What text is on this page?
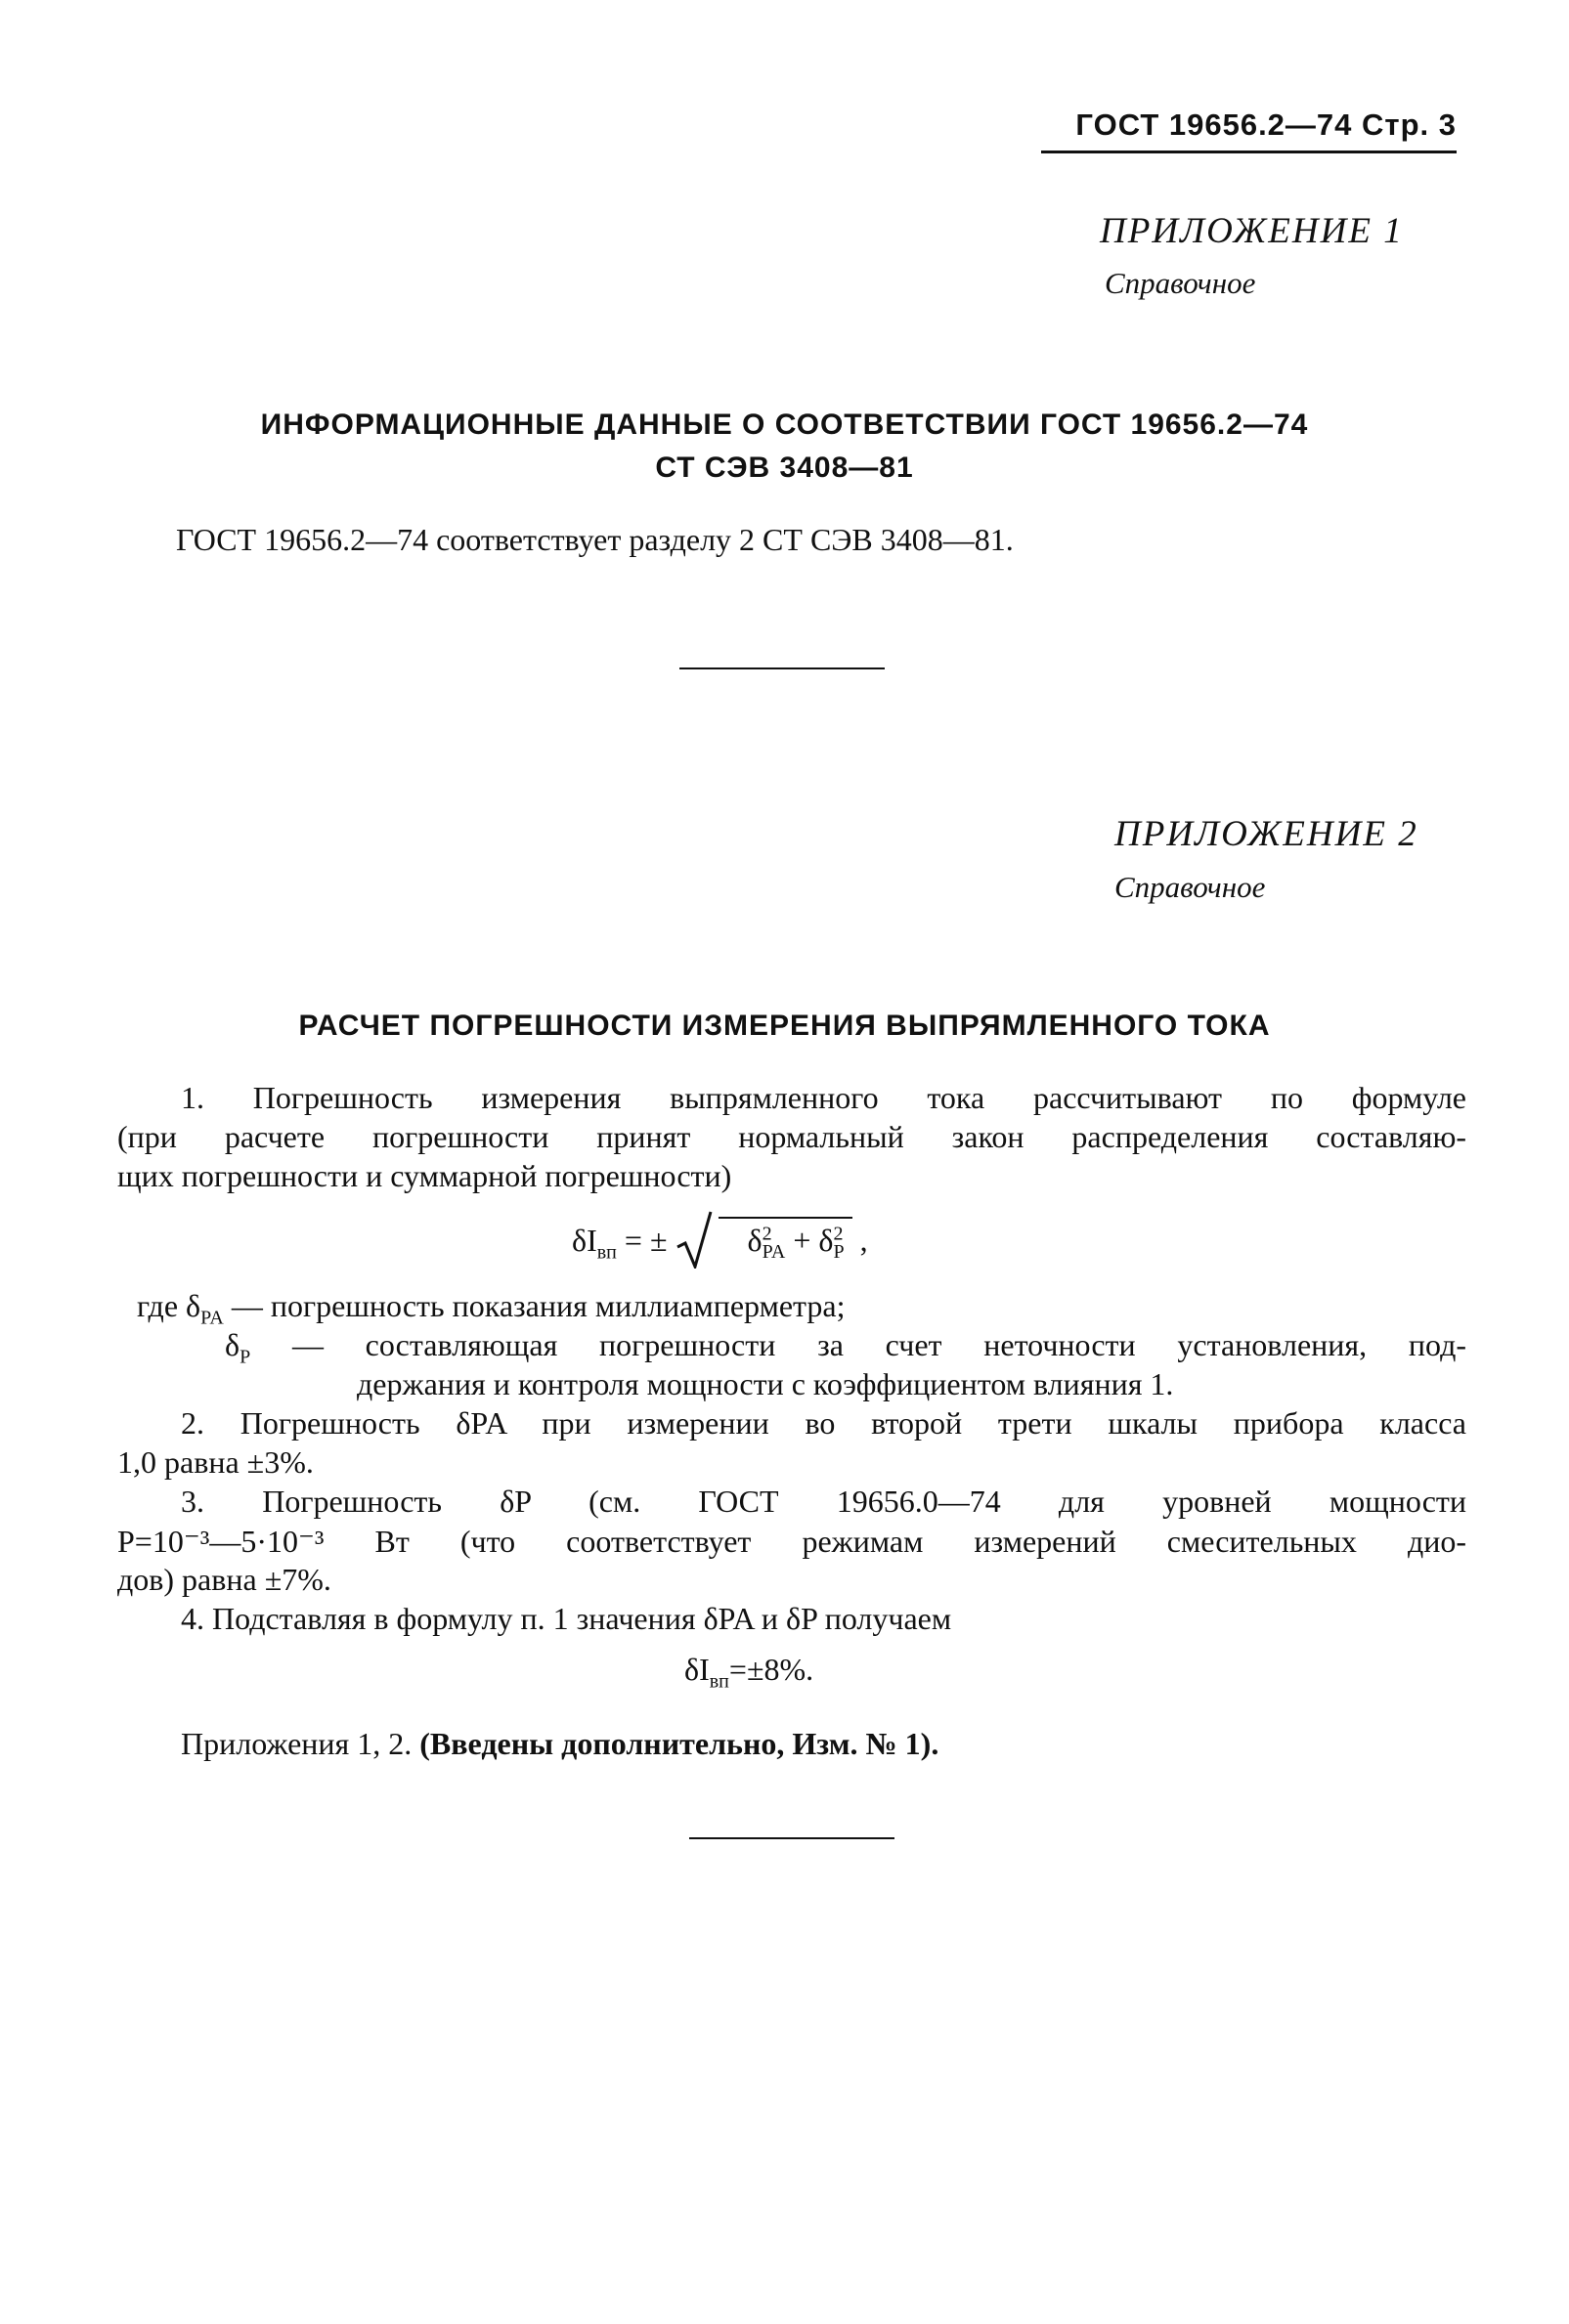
ГОСТ 19656.2—74 Стр. 3
ПРИЛОЖЕНИЕ 1
Справочное
ИНФОРМАЦИОННЫЕ ДАННЫЕ О СООТВЕТСТВИИ ГОСТ 19656.2—74
СТ СЭВ 3408—81
ГОСТ 19656.2—74 соответствует разделу 2 СТ СЭВ 3408—81.
ПРИЛОЖЕНИЕ 2
Справочное
РАСЧЕТ ПОГРЕШНОСТИ ИЗМЕРЕНИЯ ВЫПРЯМЛЕННОГО ТОКА
1. Погрешность измерения выпрямленного тока рассчитывают по формуле
(при расчете погрешности принят нормальный закон распределения составляю-
щих погрешности и суммарной погрешности)
$\delta I_{вп}$ = ±	$\delta^2_{PA} + \delta^2_P$ ,
где $\delta_{PA}$ — погрешность показания миллиамперметра;
$\delta_P$ — составляющая погрешности за счет неточности установления, под-
держания и контроля мощности с коэффициентом влияния 1.
2. Погрешность δPA при измерении во второй трети шкалы прибора класса
1,0 равна ±3%.
3. Погрешность δP (см. ГОСТ 19656.0—74 для уровней мощности
P=10⁻³—5·10⁻³ Вт (что соответствует режимам измерений смесительных дио-
дов) равна ±7%.
4. Подставляя в формулу п. 1 значения δPA и δP получаем
$\delta I_{вп}=\pm 8\%$.
Приложения 1, 2. (Введены дополнительно, Изм. № 1).
